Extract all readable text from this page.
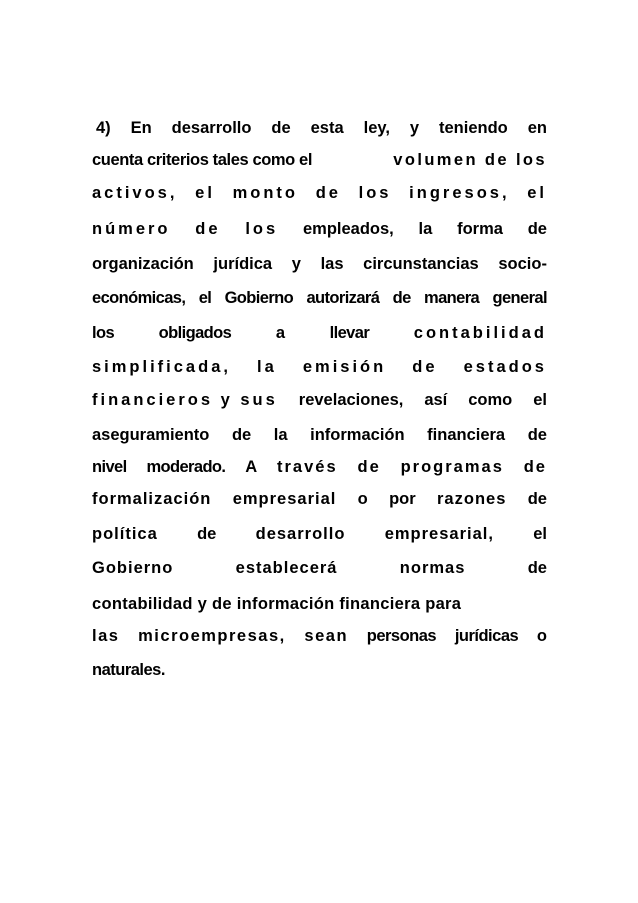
4) En desarrollo de esta ley, y teniendo en
cuenta criterios tales como el	volumen de los
activos, el monto de los ingresos, el
número de los empleados, la forma de
organización jurídica y las circunstancias socio-
económicas, el Gobierno autorizará de manera general
los	obligados	a	llevar	contabilidad
simplificada, la emisión de estados
financieros y sus revelaciones, así como el
aseguramiento de la información financiera de
nivel moderado. A través de programas de
formalización empresarial o por razones de
política de desarrollo empresarial, el
Gobierno	establecerá	normas	de
contabilidad y de información financiera para
las microempresas, sean personas jurídicas o
naturales.
